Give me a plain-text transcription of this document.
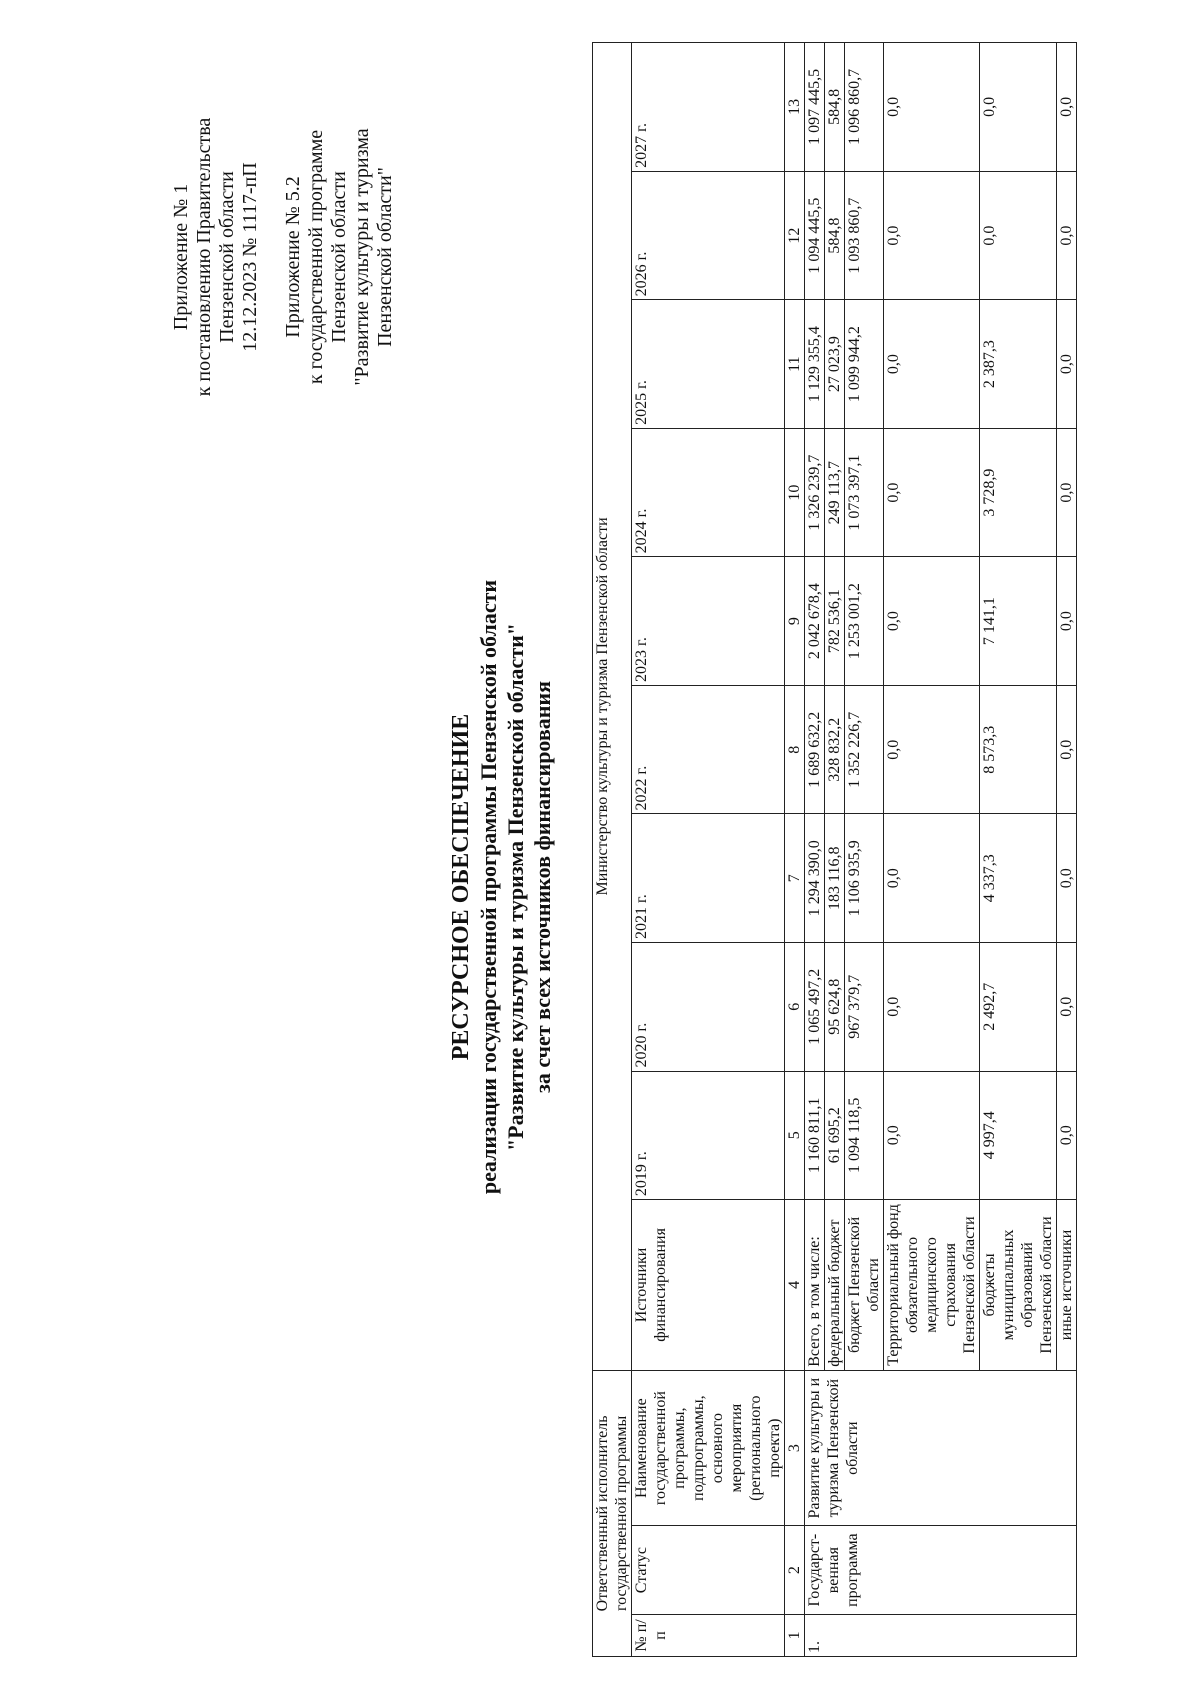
Приложение № 1 к постановлению Правительства Пензенской области 12.12.2023 № 1117-пП Приложение № 5.2 к государственной программе Пензенской области "Развитие культуры и туризма Пензенской области"
РЕСУРСНОЕ ОБЕСПЕЧЕНИЕ реализации государственной программы Пензенской области "Развитие культуры и туризма Пензенской области" за счет всех источников финансирования
Ответственный исполнитель государственной программы			Министерство культуры и туризма Пензенской области									
№ п/п	Статус	Наименование государственной программы, подпрограммы, основного мероприятия (регионального проекта)	Источники финансирования	2019 г.	2020 г.	2021 г.	2022 г.	2023 г.	2024 г.	2025 г.	2026 г.	2027 г.
1	2	3	4	5	6	7	8	9	10	11	12	13
1.	Государст-венная программа	Развитие культуры и туризма Пензенской области	Всего, в том числе:	1 160 811,1	1 065 497,2	1 294 390,0	1 689 632,2	2 042 678,4	1 326 239,7	1 129 355,4	1 094 445,5	1 097 445,5
			федеральный бюджет	61 695,2	95 624,8	183 116,8	328 832,2	782 536,1	249 113,7	27 023,9	584,8	584,8
			бюджет Пензенской области	1 094 118,5	967 379,7	1 106 935,9	1 352 226,7	1 253 001,2	1 073 397,1	1 099 944,2	1 093 860,7	1 096 860,7
			Территориальный фонд обязательного медицинского страхования Пензенской области	0,0	0,0	0,0	0,0	0,0	0,0	0,0	0,0	0,0
			бюджеты муниципальных образований Пензенской области	4 997,4	2 492,7	4 337,3	8 573,3	7 141,1	3 728,9	2 387,3	0,0	0,0
			иные источники	0,0	0,0	0,0	0,0	0,0	0,0	0,0	0,0	0,0
